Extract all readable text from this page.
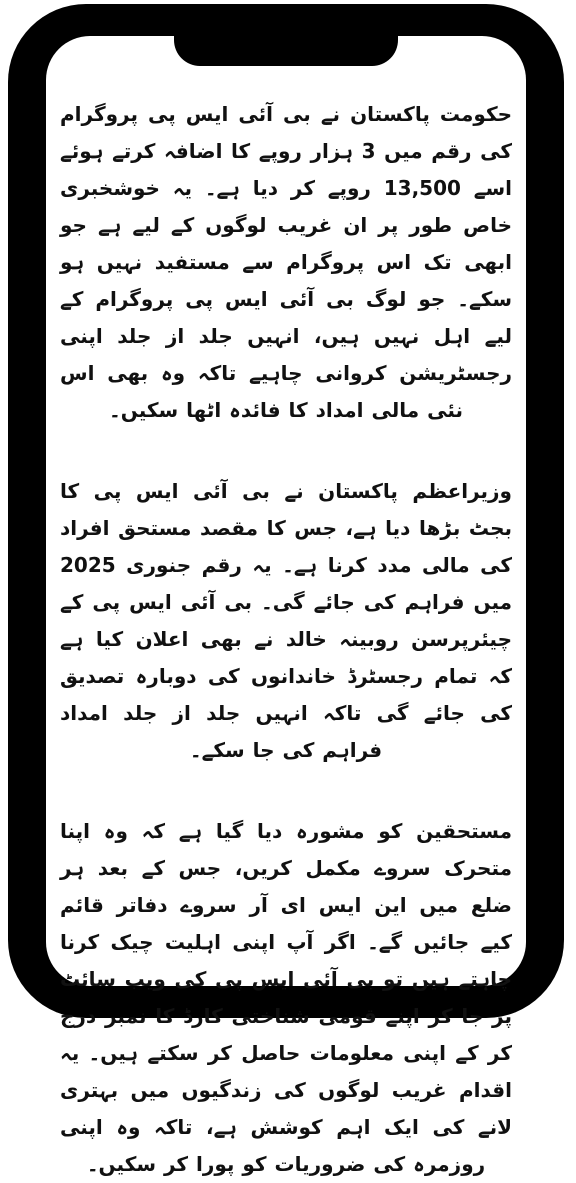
حکومت پاکستان نے بی آئی ایس پی پروگرام کی رقم میں 3 ہزار روپے کا اضافہ کرتے ہوئے اسے 13,500 روپے کر دیا ہے۔ یہ خوشخبری خاص طور پر ان غریب لوگوں کے لیے ہے جو ابھی تک اس پروگرام سے مستفید نہیں ہو سکے۔ جو لوگ بی آئی ایس پی پروگرام کے لیے اہل نہیں ہیں، انہیں جلد از جلد اپنی رجسٹریشن کروانی چاہیے تاکہ وہ بھی اس نئی مالی امداد کا فائدہ اٹھا سکیں۔

وزیراعظم پاکستان نے بی آئی ایس پی کا بجٹ بڑھا دیا ہے، جس کا مقصد مستحق افراد کی مالی مدد کرنا ہے۔ یہ رقم جنوری 2025 میں فراہم کی جائے گی۔ بی آئی ایس پی کے چیئرپرسن روبینہ خالد نے بھی اعلان کیا ہے کہ تمام رجسٹرڈ خاندانوں کی دوبارہ تصدیق کی جائے گی تاکہ انہیں جلد از جلد امداد فراہم کی جا سکے۔

مستحقین کو مشورہ دیا گیا ہے کہ وہ اپنا متحرک سروے مکمل کریں، جس کے بعد ہر ضلع میں این ایس ای آر سروے دفاتر قائم کیے جائیں گے۔ اگر آپ اپنی اہلیت چیک کرنا چاہتے ہیں تو بی آئی ایس پی کی ویب سائٹ پر جا کر اپنے قومی شناختی کارڈ کا نمبر درج کر کے اپنی معلومات حاصل کر سکتے ہیں۔ یہ اقدام غریب لوگوں کی زندگیوں میں بہتری لانے کی ایک اہم کوشش ہے، تاکہ وہ اپنی روزمرہ کی ضروریات کو پورا کر سکیں۔
